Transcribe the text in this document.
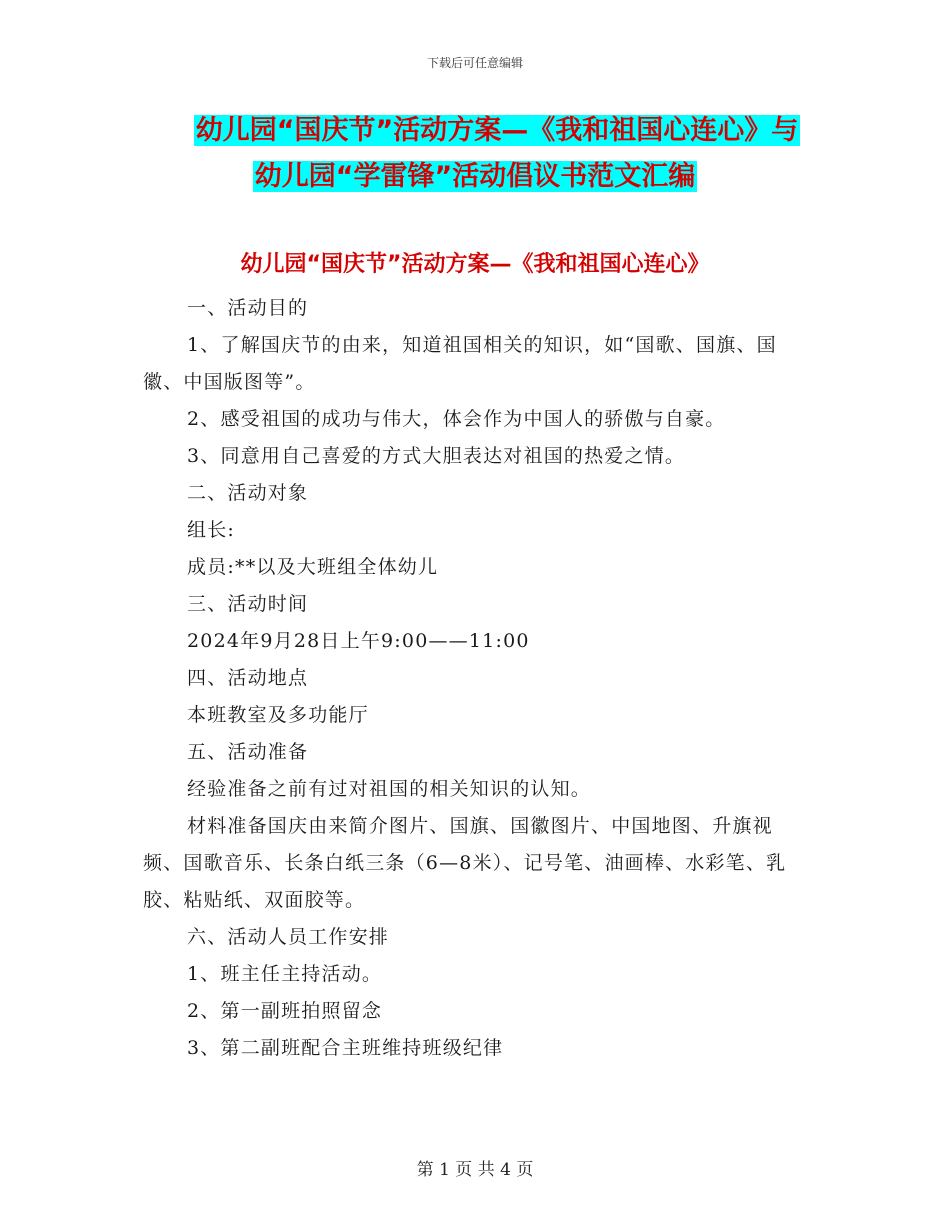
下载后可任意编辑
幼儿园“国庆节”活动方案—《我和祖国心连心》与
幼儿园“学雷锋”活动倡议书范文汇编
幼儿园“国庆节”活动方案—《我和祖国心连心》

一、活动目的

1、了解国庆节的由来，知道祖国相关的知识，如“国歌、国旗、国徽、中国版图等”。

2、感受祖国的成功与伟大，体会作为中国人的骄傲与自豪。

3、同意用自己喜爱的方式大胆表达对祖国的热爱之情。

二、活动对象

组长:

成员:**以及大班组全体幼儿

三、活动时间

2024年9月28日上午9:00——11:00

四、活动地点

本班教室及多功能厅

五、活动准备

经验准备之前有过对祖国的相关知识的认知。

材料准备国庆由来简介图片、国旗、国徽图片、中国地图、升旗视频、国歌音乐、长条白纸三条（6—8米）、记号笔、油画棒、水彩笔、乳胶、粘贴纸、双面胶等。

六、活动人员工作安排

1、班主任主持活动。

2、第一副班拍照留念

3、第二副班配合主班维持班级纪律

第 1 页 共 4 页
